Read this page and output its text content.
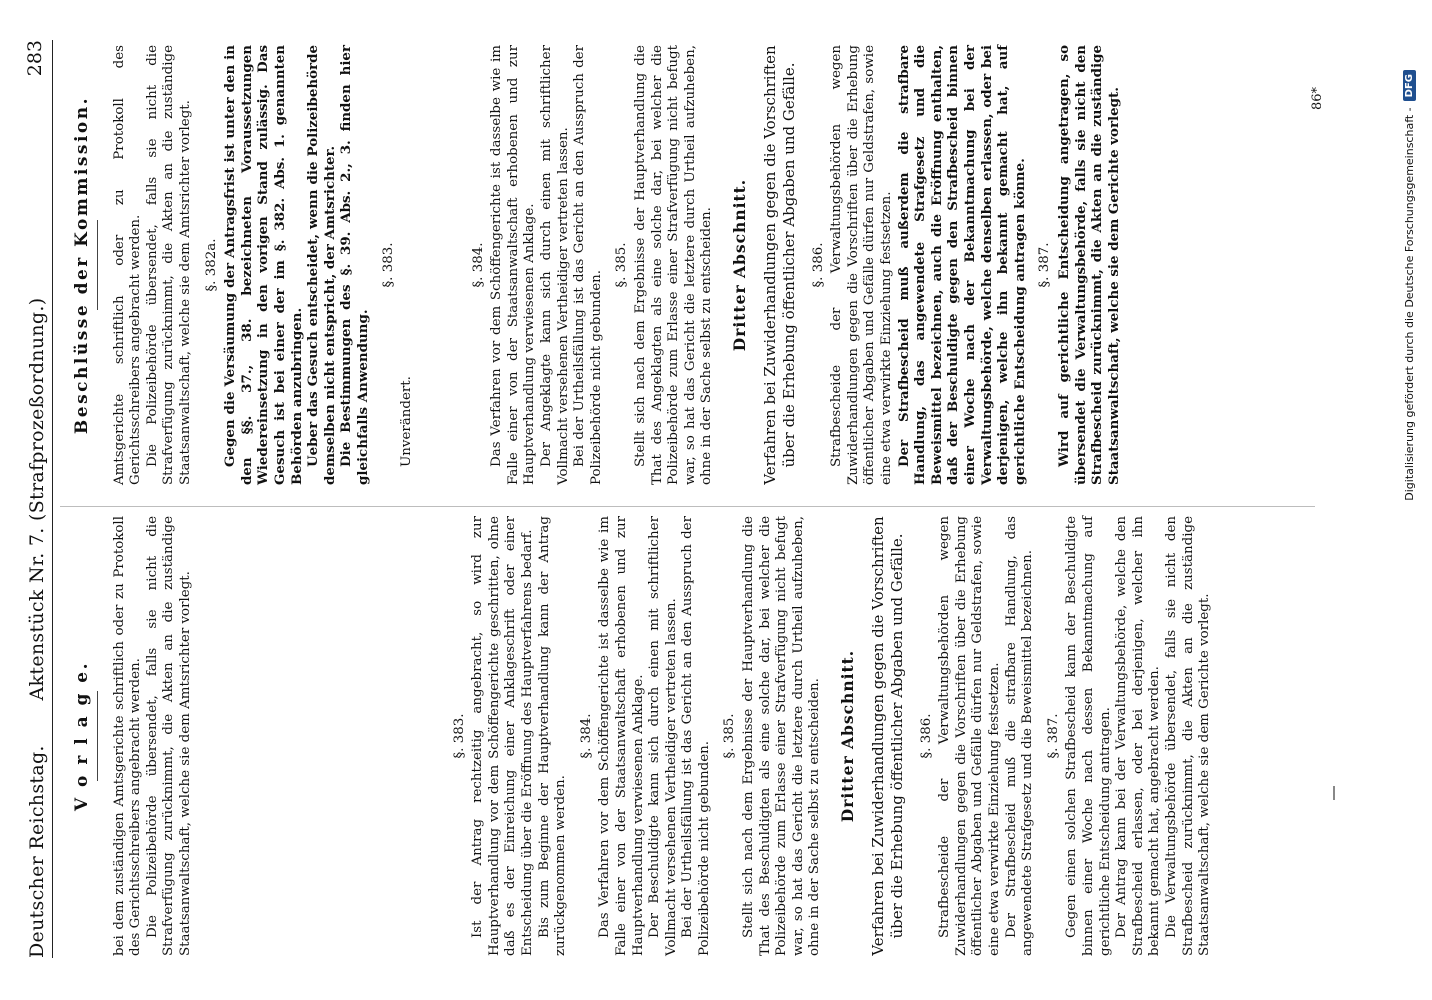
Deutscher Reichstag.
Aktenstück Nr. 7. (Strafprozeßordnung.)
283
V o r l a g e. bei dem zuständigen Amtsgerichte schriftlich oder zu Protokoll des Gerichtsschreibers angebracht werden. Die Polizeibehörde übersendet, falls sie nicht die Strafverfügung zurücknimmt, die Akten an die zuständige Staatsanwaltschaft, welche sie dem Amtsrichter vorlegt.	§. 383. Ist der Antrag rechtzeitig angebracht, so wird zur Hauptverhandlung vor dem Schöffengerichte geschritten, ohne daß es der Einreichung einer Anklageschrift oder einer Entscheidung über die Eröffnung des Hauptverfahrens bedarf. Bis zum Beginne der Hauptverhandlung kann der Antrag zurückgenommen werden.

§. 384. Das Verfahren vor dem Schöffengerichte ist dasselbe wie im Falle einer von der Staatsanwaltschaft erhobenen und zur Hauptverhandlung verwiesenen Anklage. Der Beschuldigte kann sich durch einen mit schriftlicher Vollmacht versehenen Vertheidiger vertreten lassen. Bei der Urtheilsfällung ist das Gericht an den Ausspruch der Polizeibehörde nicht gebunden.

§. 385. Stellt sich nach dem Ergebnisse der Hauptverhandlung die That des Beschuldigten als eine solche dar, bei welcher die Polizeibehörde zum Erlasse einer Strafverfügung nicht befugt war, so hat das Gericht die letztere durch Urtheil aufzuheben, ohne in der Sache selbst zu entscheiden. Dritter Abschnitt. Verfahren bei Zuwiderhandlungen gegen die Vorschriften über die Erhebung öffentlicher Abgaben und Gefälle. §. 386. Strafbescheide der Verwaltungsbehörden wegen Zuwiderhandlungen gegen die Vorschriften über die Erhebung öffentlicher Abgaben und Gefälle dürfen nur Geldstrafen, sowie eine etwa verwirkte Einziehung festsetzen. Der Strafbescheid muß die strafbare Handlung, das angewendete Strafgesetz und die Beweismittel bezeichnen. §. 387. Gegen einen solchen Strafbescheid kann der Beschuldigte binnen einer Woche nach dessen Bekanntmachung auf gerichtliche Entscheidung antragen. Der Antrag kann bei der Verwaltungsbehörde, welche den Strafbescheid erlassen, oder bei derjenigen, welcher ihn bekannt gemacht hat, angebracht werden. Die Verwaltungsbehörde übersendet, falls sie nicht den Strafbescheid zurücknimmt, die Akten an die zuständige Staatsanwaltschaft, welche sie dem Gerichte vorlegt.

Beschlüsse der Kommission. Amtsgerichte schriftlich oder zu Protokoll des Gerichtsschreibers angebracht werden. Die Polizeibehörde übersendet, falls sie nicht die Strafverfügung zurücknimmt, die Akten an die zuständige Staatsanwaltschaft, welche sie dem Amtsrichter vorlegt. §. 382a. Gegen die Versäumung der Antragsfrist ist unter den in den §§. 37., 38. bezeichneten Voraussetzungen Wiedereinsetzung in den vorigen Stand zulässig. Das Gesuch ist bei einer der im §. 382. Abs. 1. genannten Behörden anzubringen. Ueber das Gesuch entscheidet, wenn die Polizeibehörde demselben nicht entspricht, der Amtsrichter. Die Bestimmungen des §. 39. Abs. 2., 3. finden hier gleichfalls Anwendung.

§. 383.

Unverändert.

§. 384. Das Verfahren vor dem Schöffengerichte ist dasselbe wie im Falle einer von der Staatsanwaltschaft erhobenen und zur Hauptverhandlung verwiesenen Anklage. Der Angeklagte kann sich durch einen mit schriftlicher Vollmacht versehenen Vertheidiger vertreten lassen. Bei der Urtheilsfällung ist das Gericht an den Ausspruch der Polizeibehörde nicht gebunden.

§. 385. Stellt sich nach dem Ergebnisse der Hauptverhandlung die That des Angeklagten als eine solche dar, bei welcher die Polizeibehörde zum Erlasse einer Strafverfügung nicht befugt war, so hat das Gericht die letztere durch Urtheil aufzuheben, ohne in der Sache selbst zu entscheiden. Dritter Abschnitt. Verfahren bei Zuwiderhandlungen gegen die Vorschriften über die Erhebung öffentlicher Abgaben und Gefälle. §. 386. Strafbescheide der Verwaltungsbehörden wegen Zuwiderhandlungen gegen die Vorschriften über die Erhebung öffentlicher Abgaben und Gefälle dürfen nur Geldstrafen, sowie eine etwa verwirkte Einziehung festsetzen. Der Strafbescheid muß außerdem die strafbare Handlung, das angewendete Strafgesetz und die Beweismittel bezeichnen, auch die Eröffnung enthalten, daß der Beschuldigte gegen den Strafbescheid binnen einer Woche nach der Bekanntmachung bei der Verwaltungsbehörde, welche denselben erlassen, oder bei derjenigen, welche ihn bekannt gemacht hat, auf gerichtliche Entscheidung antragen könne. §. 387. Wird auf gerichtliche Entscheidung angetragen, so übersendet die Verwaltungsbehörde, falls sie nicht den Strafbescheid zurücknimmt, die Akten an die zuständige Staatsanwaltschaft, welche sie dem Gerichte vorlegt.	86*
Digitalisierung gefördert durch die Deutsche Forschungsgemeinschaft -
DFG
